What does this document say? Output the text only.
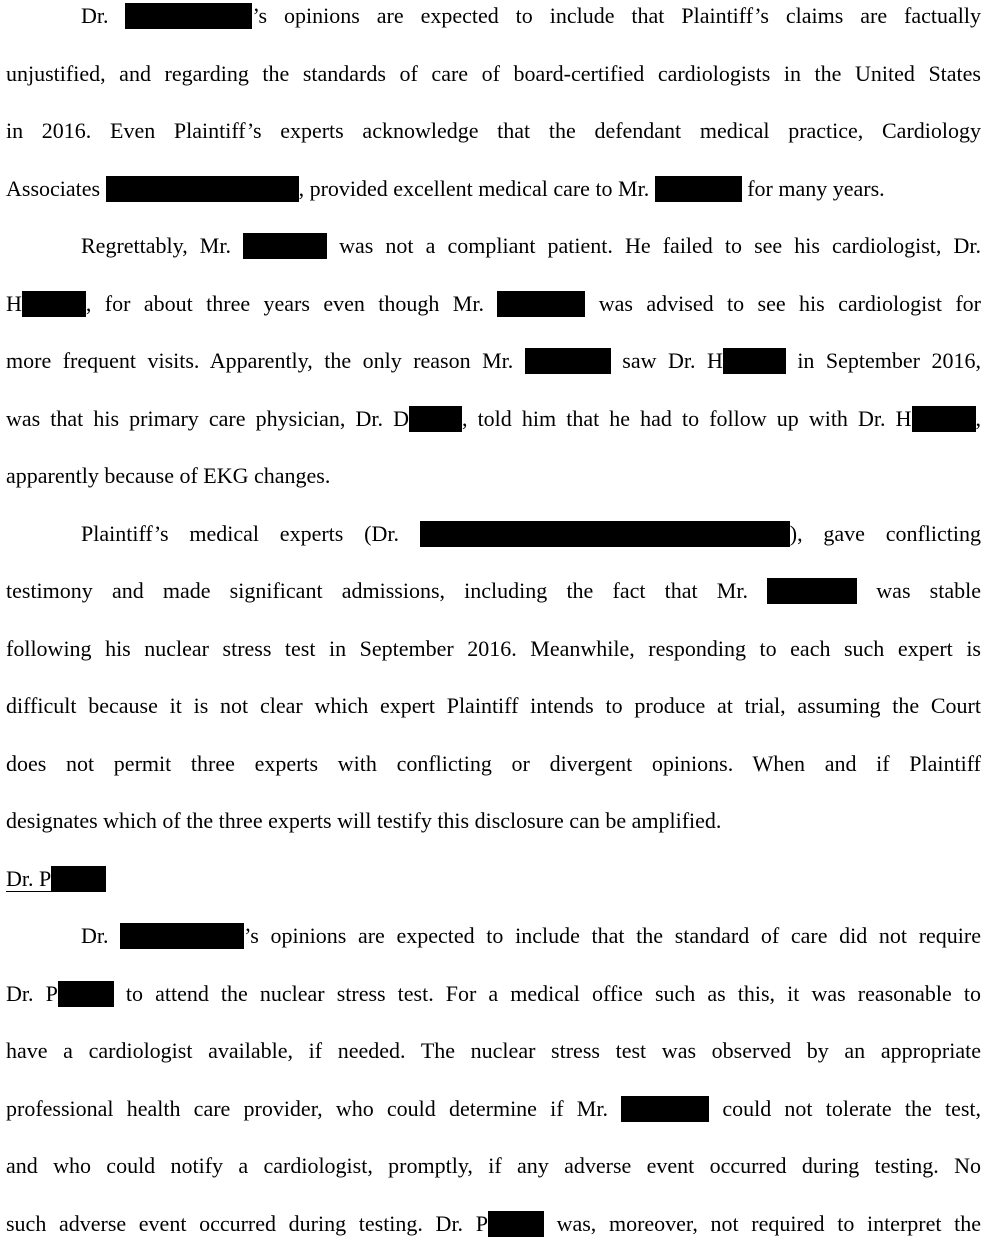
Dr.	’s opinions are expected to include that Plaintiff’s claims are factually
unjustified, and regarding the standards of care of board-certified cardiologists in the United States
in 2016. Even Plaintiff’s experts acknowledge that the defendant medical practice, Cardiology
Associates	, provided excellent medical care to Mr.	for many years.
Regrettably, Mr.	was not a compliant patient. He failed to see his cardiologist, Dr.
H	, for about three years even though Mr.	was advised to see his cardiologist for
more frequent visits. Apparently, the only reason Mr.	saw Dr. H	in September 2016,
was that his primary care physician, Dr. D , told him that he had to follow up with Dr. H	,
apparently because of EKG changes.
Plaintiff’s medical experts (Dr.	), gave conflicting
testimony and made significant admissions, including the fact that Mr.	was stable
following his nuclear stress test in September 2016. Meanwhile, responding to each such expert is
difficult because it is not clear which expert Plaintiff intends to produce at trial, assuming the Court
does not permit three experts with conflicting or divergent opinions. When and if Plaintiff
designates which of the three experts will testify this disclosure can be amplified.
Dr. P
Dr.	’s opinions are expected to include that the standard of care did not require
Dr. P	to attend the nuclear stress test. For a medical office such as this, it was reasonable to
have a cardiologist available, if needed. The nuclear stress test was observed by an appropriate
professional health care provider, who could determine if Mr.	could not tolerate the test,
and who could notify a cardiologist, promptly, if any adverse event occurred during testing. No
such adverse event occurred during testing. Dr. P	was, moreover, not required to interpret the
